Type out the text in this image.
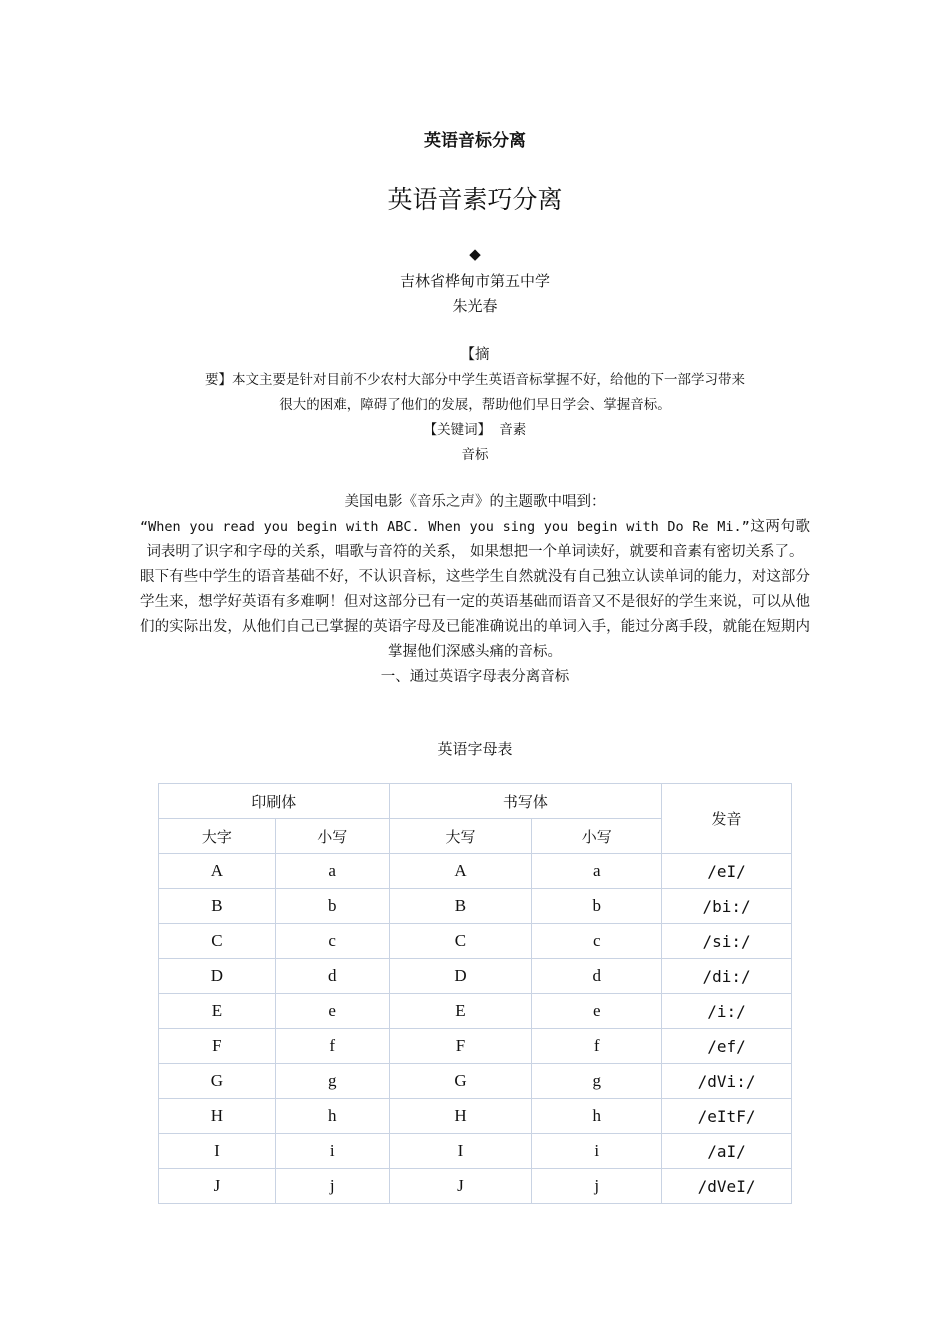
英语音标分离
英语音素巧分离
◆
吉林省桦甸市第五中学
朱光春

【摘

要】本文主要是针对目前不少农村大部分中学生英语音标掌握不好，给他的下一部学习带来

很大的困难，障碍了他们的发展，帮助他们早日学会、掌握音标。

【关键词】 音素

音标

美国电影《音乐之声》的主题歌中唱到：

“When you read you begin with ABC. When you sing you begin with Do Re Mi.”这两句歌词表明了识字和字母的关系，唱歌与音符的关系， 如果想把一个单词读好，就要和音素有密切关系了。

眼下有些中学生的语音基础不好，不认识音标，这些学生自然就没有自己独立认读单词的能力，对这部分学生来，想学好英语有多难啊！但对这部分已有一定的英语基础而语音又不是很好的学生来说，可以从他们的实际出发，从他们自己已掌握的英语字母及已能准确说出的单词入手，能过分离手段，就能在短期内掌握他们深感头痛的音标。

一、通过英语字母表分离音标

英语字母表
印刷体		书写体		发音
大字	小写	大写	小写	
A	a	A	a	/eI/
B	b	B	b	/bi:/
C	c	C	c	/si:/
D	d	D	d	/di:/
E	e	E	e	/i:/
F	f	F	f	/ef/
G	g	G	g	/dVi:/
H	h	H	h	/eItF/
I	i	I	i	/aI/
J	j	J	j	/dVeI/
